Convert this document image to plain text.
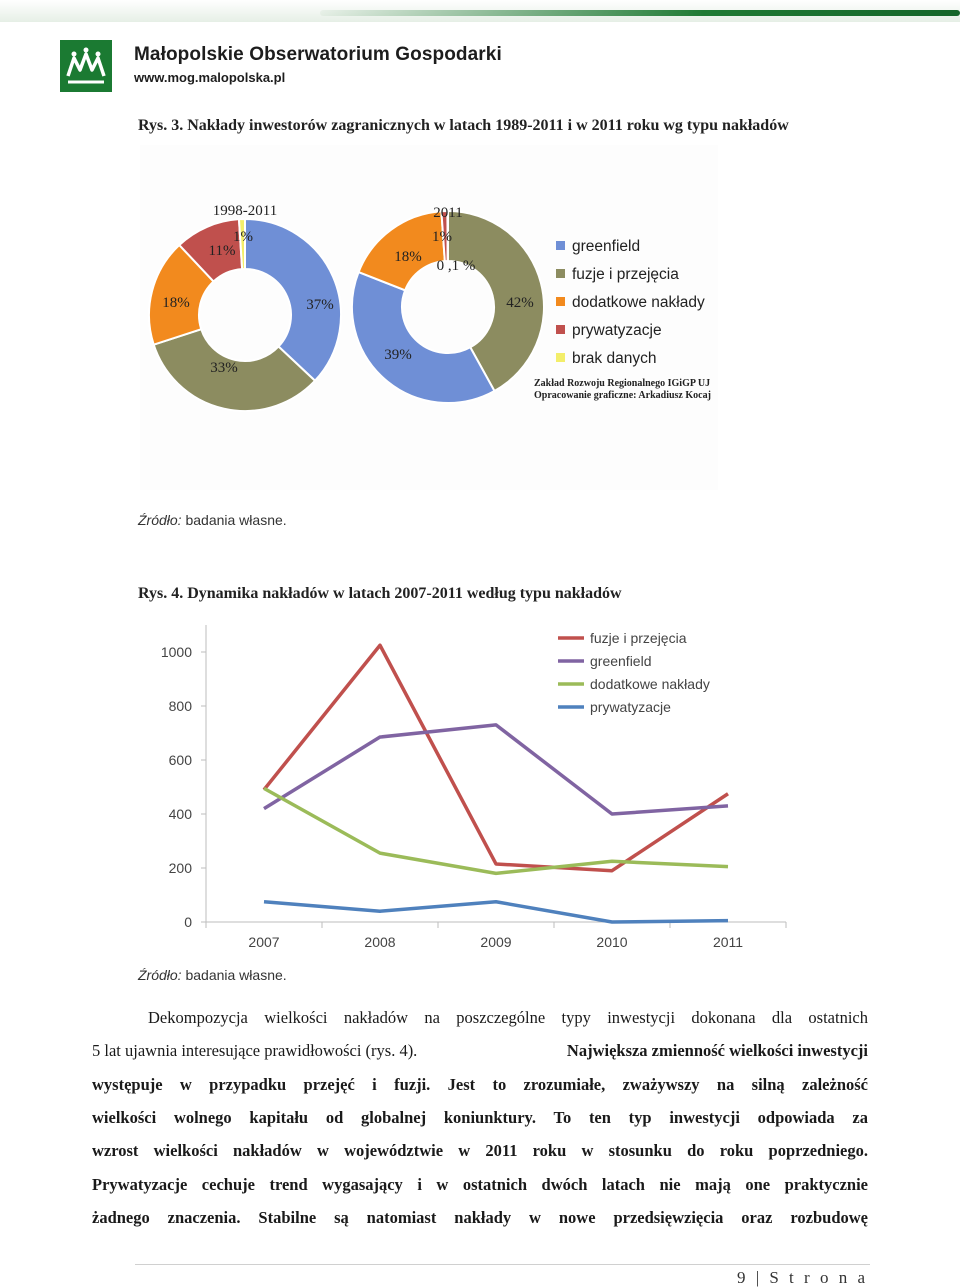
Małopolskie Obserwatorium Gospodarki
www.mog.malopolska.pl
Rys. 3. Nakłady inwestorów zagranicznych w latach 1989-2011 i w 2011 roku wg typu nakładów
1998-2011	2011
37%
33%
18%
11%
1%
42%
39%
18%
1%
0 ,1 %
greenfield
fuzje i przejęcia
dodatkowe nakłady
prywatyzacje
brak danych
Zakład Rozwoju Regionalnego IGiGP UJ
Opracowanie graficzne: Arkadiusz Kocaj
Źródło: badania własne.
Rys. 4. Dynamika nakładów w latach 2007-2011 według typu nakładów
0
200
400
600
800
1000
2007	2008	2009	2010	2011
fuzje i przejęcia
greenfield
dodatkowe nakłady
prywatyzacje
Źródło: badania własne.
Dekompozycja wielkości nakładów na poszczególne typy inwestycji dokonana dla ostatnich
5 lat ujawnia interesujące prawidłowości (rys. 4).	Największa zmienność wielkości inwestycji
występuje w przypadku przejęć i fuzji. Jest to zrozumiałe, zważywszy na silną zależność
wielkości wolnego kapitału od globalnej koniunktury. To ten typ inwestycji odpowiada za
wzrost wielkości nakładów w województwie w 2011 roku w stosunku do roku poprzedniego.
Prywatyzacje cechuje trend wygasający i w ostatnich dwóch latach nie mają one praktycznie
żadnego znaczenia. Stabilne są natomiast nakłady w nowe przedsięwzięcia oraz rozbudowę
9 | S t r o n a
